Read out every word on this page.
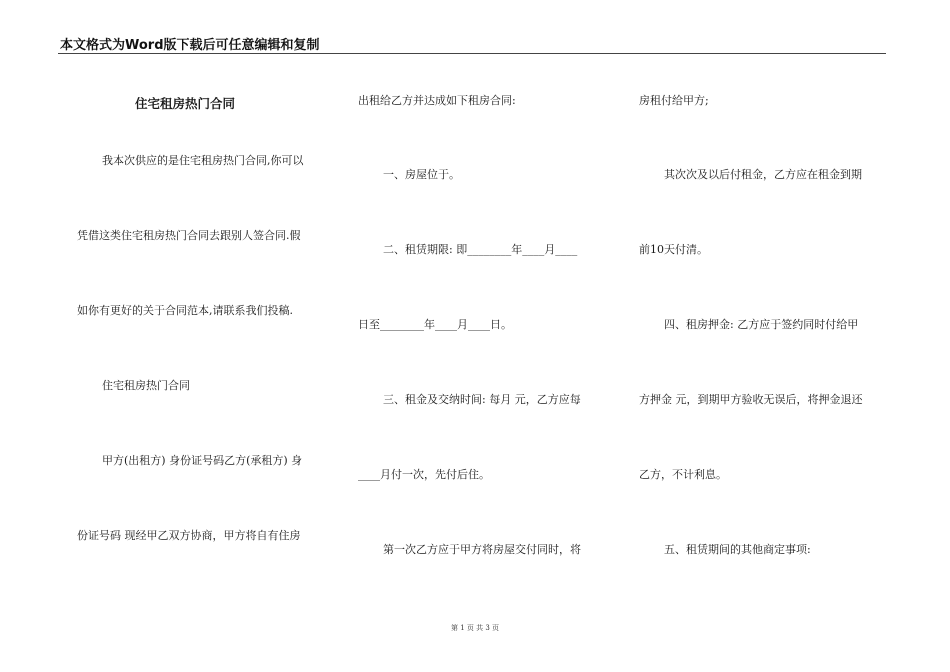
本文格式为Word版下载后可任意编辑和复制
住宅租房热门合同
我本次供应的是住宅租房热门合同,你可以
凭借这类住宅租房热门合同去跟别人签合同.假
如你有更好的关于合同范本,请联系我们投稿.
住宅租房热门合同
甲方(出租方) 身份证号码乙方(承租方) 身
份证号码 现经甲乙双方协商，甲方将自有住房
出租给乙方并达成如下租房合同:
一、房屋位于。
二、租赁期限: 即________年____月____
日至________年____月____日。
三、租金及交纳时间: 每月 元，乙方应每
____月付一次，先付后住。
第一次乙方应于甲方将房屋交付同时，将
房租付给甲方;
其次次及以后付租金，乙方应在租金到期
前10天付清。
四、租房押金: 乙方应于签约同时付给甲
方押金 元，到期甲方验收无误后，将押金退还
乙方，不计利息。
五、租赁期间的其他商定事项:
第 1 页 共 3 页
